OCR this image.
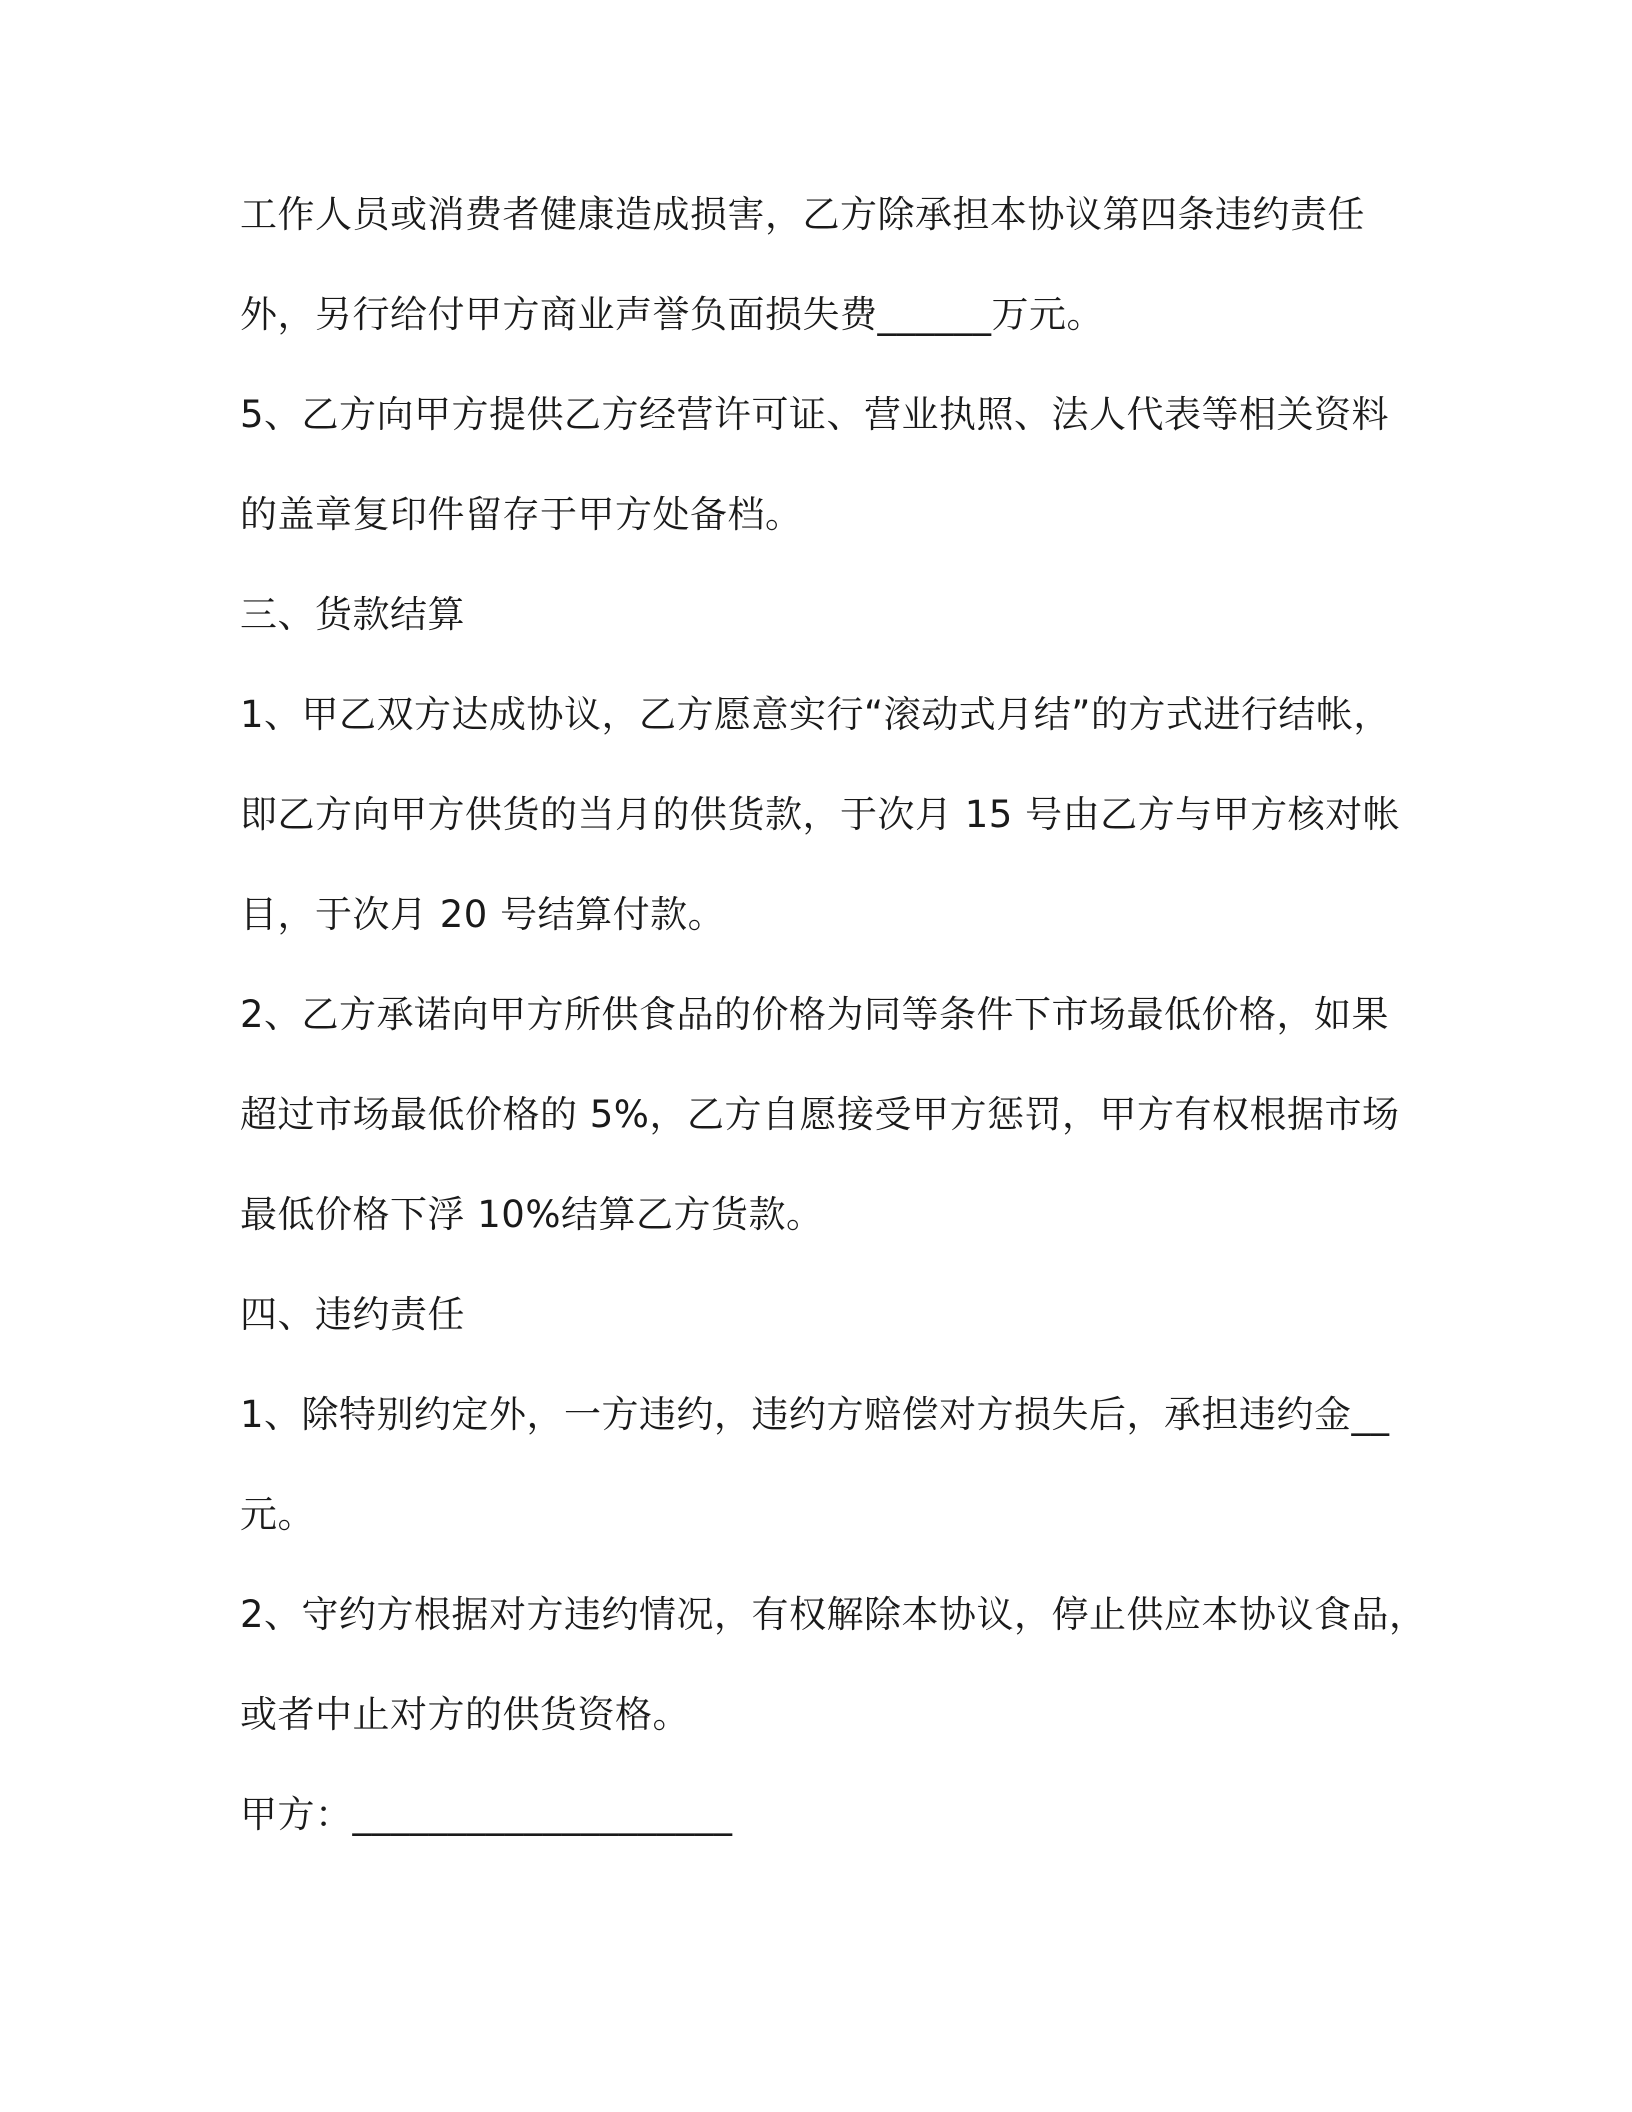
工作人员或消费者健康造成损害，乙方除承担本协议第四条违约责任
外，另行给付甲方商业声誉负面损失费______万元。
5、乙方向甲方提供乙方经营许可证、营业执照、法人代表等相关资料
的盖章复印件留存于甲方处备档。
三、货款结算
1、甲乙双方达成协议，乙方愿意实行“滚动式月结”的方式进行结帐，
即乙方向甲方供货的当月的供货款，于次月 15 号由乙方与甲方核对帐
目，于次月 20 号结算付款。
2、乙方承诺向甲方所供食品的价格为同等条件下市场最低价格，如果
超过市场最低价格的 5%，乙方自愿接受甲方惩罚，甲方有权根据市场
最低价格下浮 10%结算乙方货款。
四、违约责任
1、除特别约定外，一方违约，违约方赔偿对方损失后，承担违约金__
元。
2、守约方根据对方违约情况，有权解除本协议，停止供应本协议食品，
或者中止对方的供货资格。
甲方：____________________
